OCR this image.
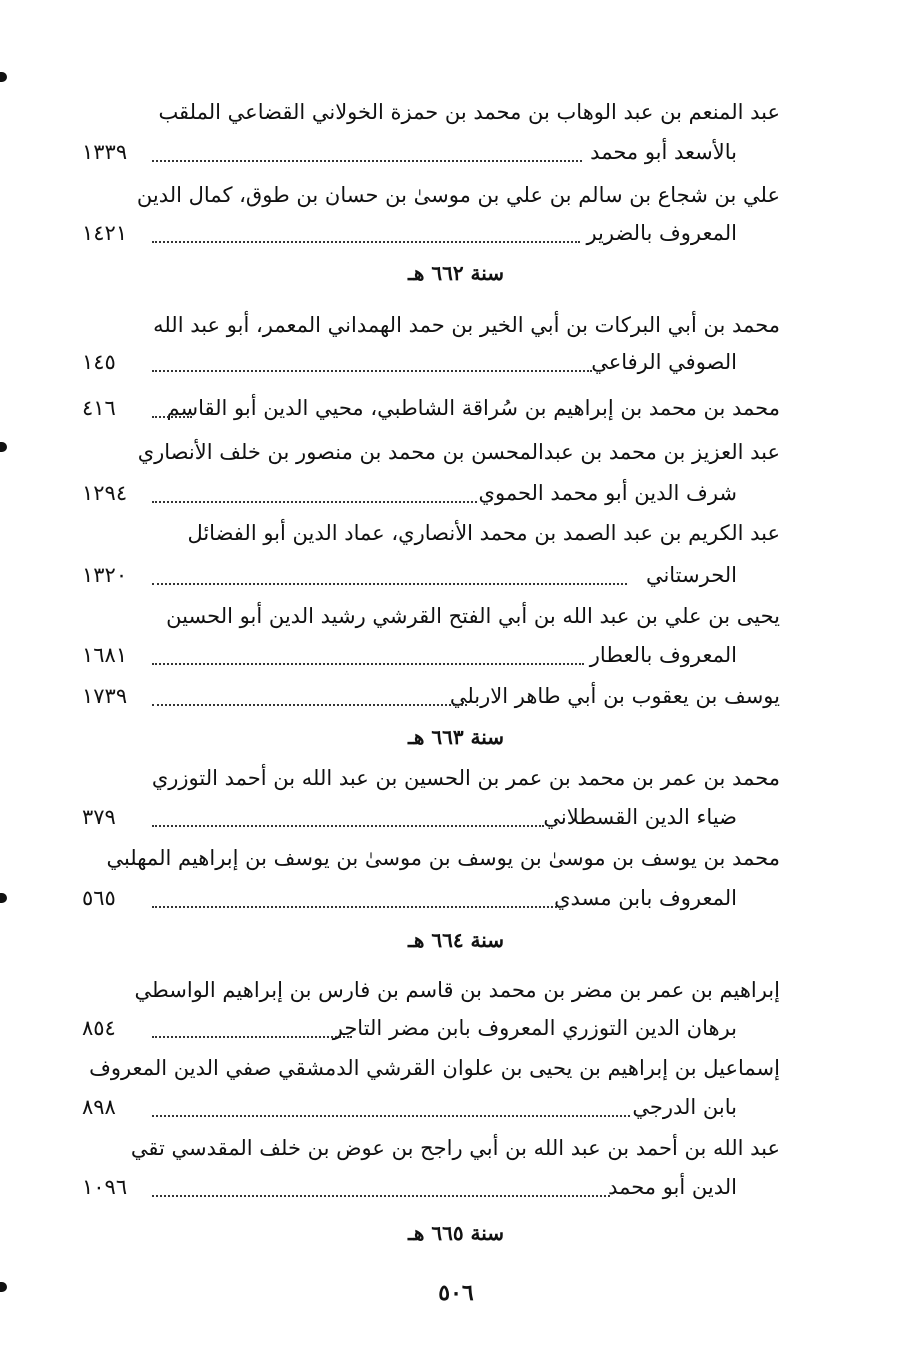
عبد المنعم بن عبد الوهاب بن محمد بن حمزة الخولاني القضاعي الملقب
بالأسعد أبو محمد
١٣٣٩
علي بن شجاع بن سالم بن علي بن موسىٰ بن حسان بن طوق، كمال الدين
المعروف بالضرير
١٤٢١
سنة ٦٦٢ هـ
محمد بن أبي البركات بن أبي الخير بن حمد الهمداني المعمر، أبو عبد الله
الصوفي الرفاعي
١٤٥
محمد بن محمد بن إبراهيم بن سُراقة الشاطبي، محيي الدين أبو القاسم
٤١٦
عبد العزيز بن محمد بن عبدالمحسن بن محمد بن منصور بن خلف الأنصاري
شرف الدين أبو محمد الحموي
١٢٩٤
عبد الكريم بن عبد الصمد بن محمد الأنصاري، عماد الدين أبو الفضائل
الحرستاني
١٣٢٠
يحيى بن علي بن عبد الله بن أبي الفتح القرشي رشيد الدين أبو الحسين
المعروف بالعطار
١٦٨١
يوسف بن يعقوب بن أبي طاهر الاربلي
١٧٣٩
سنة ٦٦٣ هـ
محمد بن عمر بن محمد بن عمر بن الحسين بن عبد الله بن أحمد التوزري
ضياء الدين القسطلاني
٣٧٩
محمد بن يوسف بن موسىٰ بن يوسف بن موسىٰ بن يوسف بن إبراهيم المهلبي
المعروف بابن مسدي
٥٦٥
سنة ٦٦٤ هـ
إبراهيم بن عمر بن مضر بن محمد بن قاسم بن فارس بن إبراهيم الواسطي
برهان الدين التوزري المعروف بابن مضر التاجر
٨٥٤
إسماعيل بن إبراهيم بن يحيى بن علوان القرشي الدمشقي صفي الدين المعروف
بابن الدرجي
٨٩٨
عبد الله بن أحمد بن عبد الله بن أبي راجح بن عوض بن خلف المقدسي تقي
الدين أبو محمد
١٠٩٦
سنة ٦٦٥ هـ
٥٠٦
